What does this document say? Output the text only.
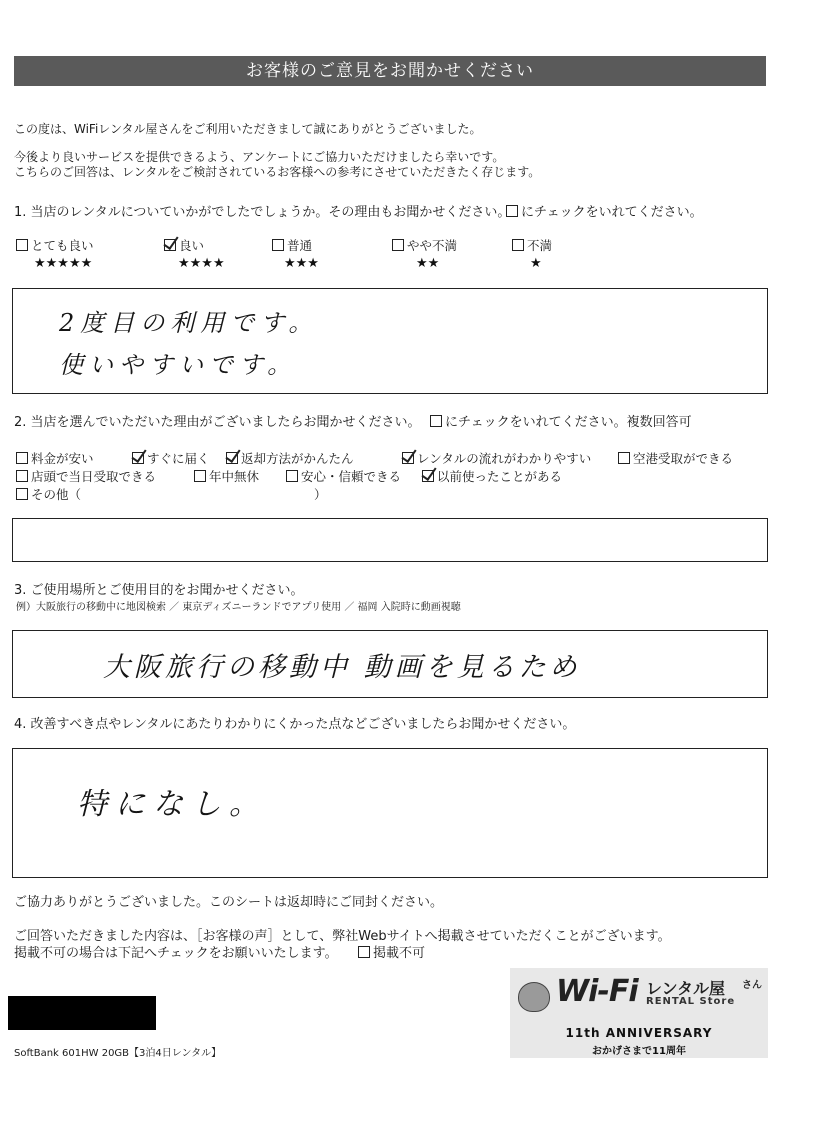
お客様のご意見をお聞かせください
この度は、WiFiレンタル屋さんをご利用いただきまして誠にありがとうございました。
今後より良いサービスを提供できるよう、アンケートにご協力いただけましたら幸いです。
こちらのご回答は、レンタルをご検討されているお客様への参考にさせていただきたく存じます。
1. 当店のレンタルについていかがでしたでしょうか。その理由もお聞かせください。 にチェックをいれてください。
とても良い
★★★★★
良い
★★★★
普通
★★★
やや不満
★★
不満
★
2度目の利用です。
使いやすいです。
2. 当店を選んでいただいた理由がございましたらお聞かせください。	にチェックをいれてください。複数回答可
料金が安い	すぐに届く	返却方法がかんたん	レンタルの流れがわかりやすい	空港受取ができる
店頭で当日受取できる	年中無休	安心・信頼できる	以前使ったことがある
その他（	）
3. ご使用場所とご使用目的をお聞かせください。
例）大阪旅行の移動中に地図検索 ／ 東京ディズニーランドでアプリ使用 ／ 福岡 入院時に動画視聴
大阪旅行の移動中 動画を見るため
4. 改善すべき点やレンタルにあたりわかりにくかった点などございましたらお聞かせください。
特になし。
ご協力ありがとうございました。このシートは返却時にご同封ください。
ご回答いただきました内容は、［お客様の声］として、弊社Webサイトへ掲載させていただくことがございます。
掲載不可の場合は下記へチェックをお願いいたします。	掲載不可
SoftBank 601HW 20GB【3泊4日レンタル】
Wi-Fi レンタル屋 さん
RENTAL Store
11th ANNIVERSARY
おかげさまで11周年
